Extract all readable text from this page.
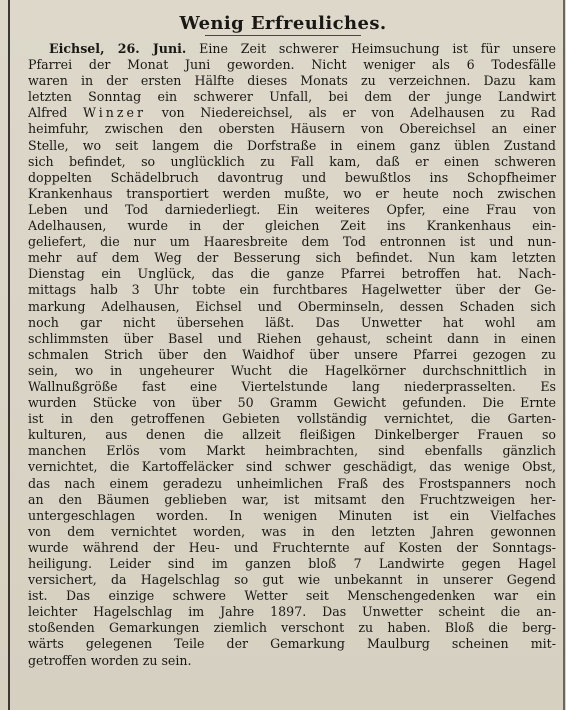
Wenig Erfreuliches.
Eichsel, 26. Juni. Eine Zeit schwerer Heimsuchung ist für unsere
Pfarrei der Monat Juni geworden. Nicht weniger als 6 Todesfälle
waren in der ersten Hälfte dieses Monats zu verzeichnen. Dazu kam
letzten Sonntag ein schwerer Unfall, bei dem der junge Landwirt
Alfred Winzer von Niedereichsel, als er von Adelhausen zu Rad
heimfuhr, zwischen den obersten Häusern von Obereichsel an einer
Stelle, wo seit langem die Dorfstraße in einem ganz üblen Zustand
sich befindet, so unglücklich zu Fall kam, daß er einen schweren
doppelten Schädelbruch davontrug und bewußtlos ins Schopfheimer
Krankenhaus transportiert werden mußte, wo er heute noch zwischen
Leben und Tod darniederliegt. Ein weiteres Opfer, eine Frau von
Adelhausen, wurde in der gleichen Zeit ins Krankenhaus ein-
geliefert, die nur um Haaresbreite dem Tod entronnen ist und nun-
mehr auf dem Weg der Besserung sich befindet. Nun kam letzten
Dienstag ein Unglück, das die ganze Pfarrei betroffen hat. Nach-
mittags halb 3 Uhr tobte ein furchtbares Hagelwetter über der Ge-
markung Adelhausen, Eichsel und Oberminseln, dessen Schaden sich
noch gar nicht übersehen läßt. Das Unwetter hat wohl am
schlimmsten über Basel und Riehen gehaust, scheint dann in einen
schmalen Strich über den Waidhof über unsere Pfarrei gezogen zu
sein, wo in ungeheurer Wucht die Hagelkörner durchschnittlich in
Wallnußgröße fast eine Viertelstunde lang niederprasselten. Es
wurden Stücke von über 50 Gramm Gewicht gefunden. Die Ernte
ist in den getroffenen Gebieten vollständig vernichtet, die Garten-
kulturen, aus denen die allzeit fleißigen Dinkelberger Frauen so
manchen Erlös vom Markt heimbrachten, sind ebenfalls gänzlich
vernichtet, die Kartoffeläcker sind schwer geschädigt, das wenige Obst,
das nach einem geradezu unheimlichen Fraß des Frostspanners noch
an den Bäumen geblieben war, ist mitsamt den Fruchtzweigen her-
untergeschlagen worden. In wenigen Minuten ist ein Vielfaches
von dem vernichtet worden, was in den letzten Jahren gewonnen
wurde während der Heu- und Fruchternte auf Kosten der Sonntags-
heiligung. Leider sind im ganzen bloß 7 Landwirte gegen Hagel
versichert, da Hagelschlag so gut wie unbekannt in unserer Gegend
ist. Das einzige schwere Wetter seit Menschengedenken war ein
leichter Hagelschlag im Jahre 1897. Das Unwetter scheint die an-
stoßenden Gemarkungen ziemlich verschont zu haben. Bloß die berg-
wärts gelegenen Teile der Gemarkung Maulburg scheinen mit-
getroffen worden zu sein.
